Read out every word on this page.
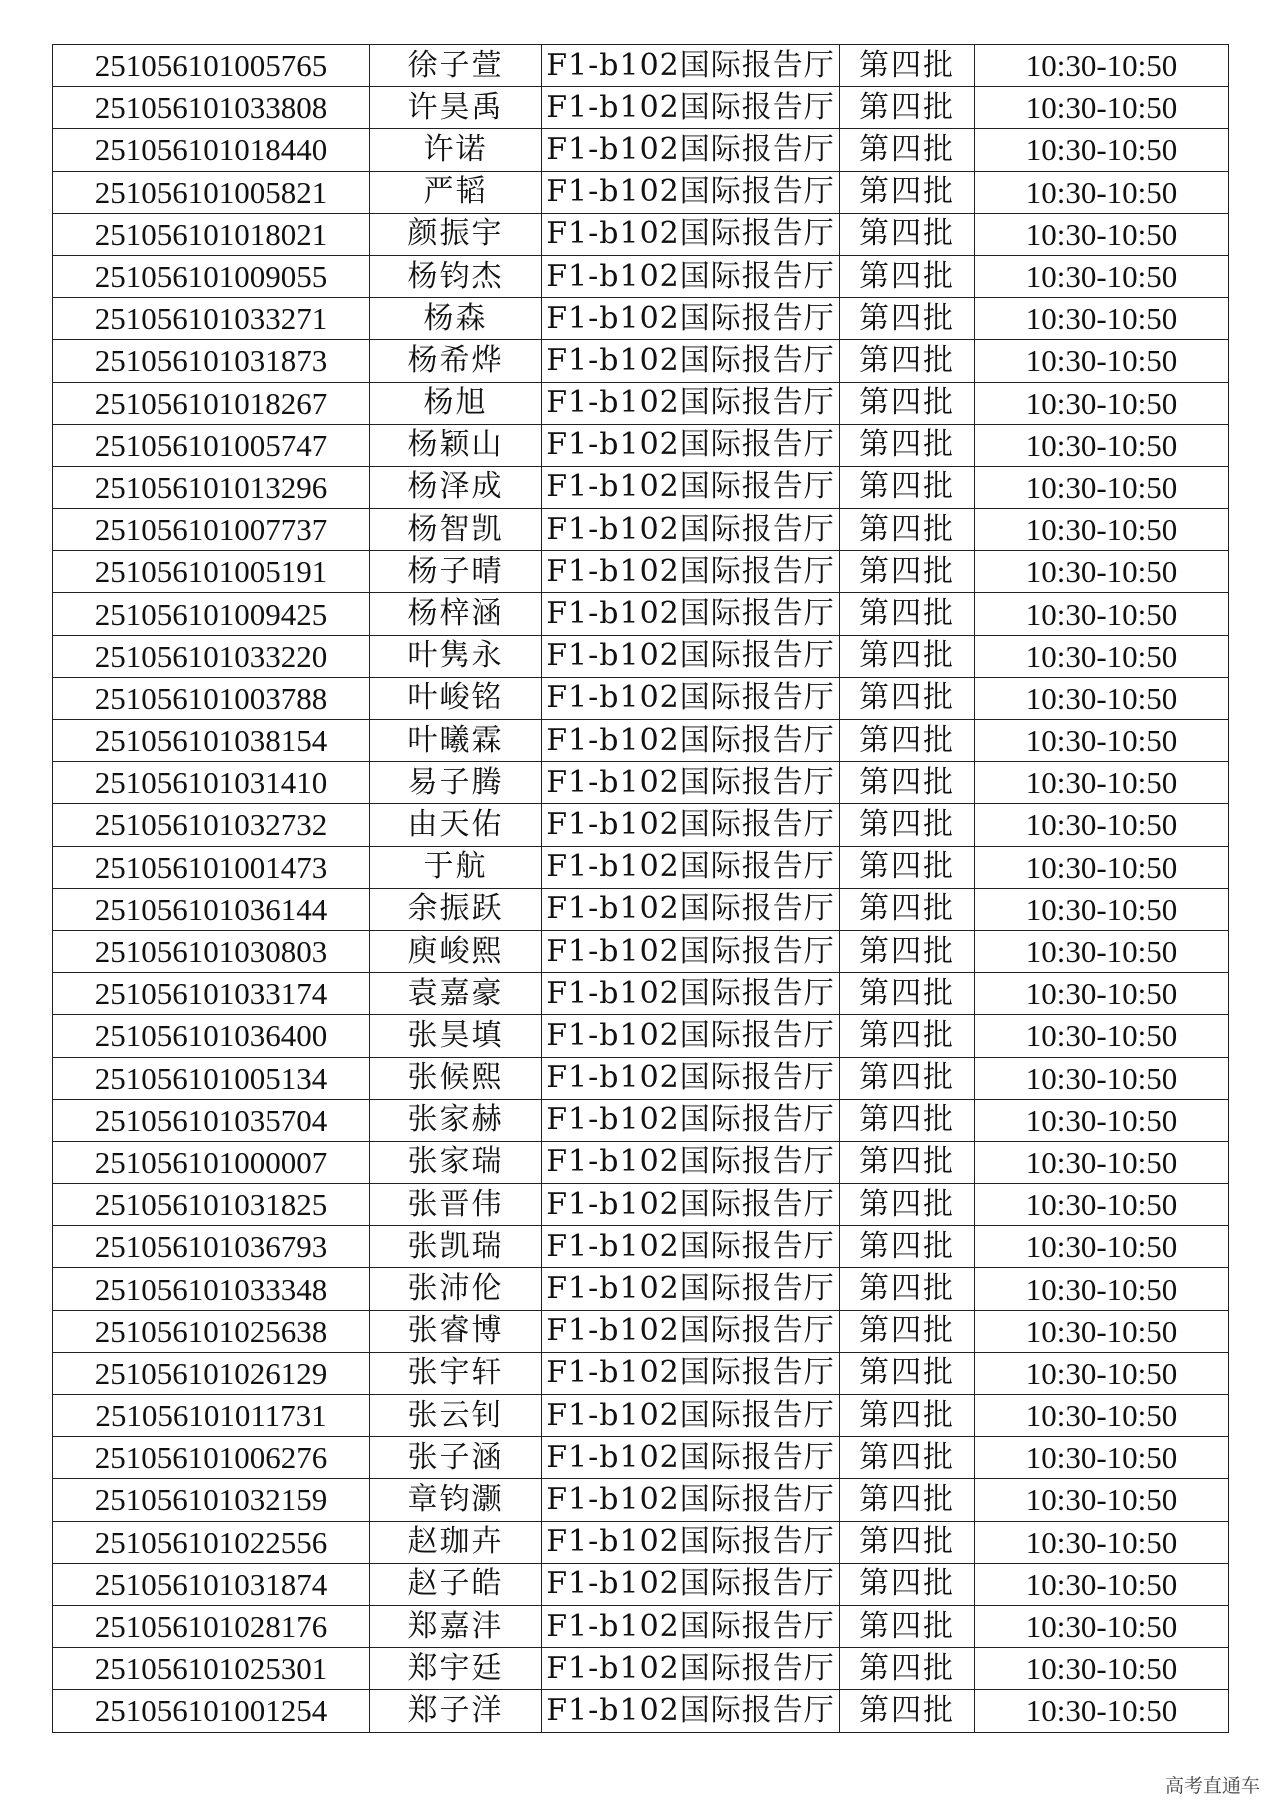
251056101005765	徐子萱	F1-b102国际报告厅	第四批	10:30-10:50
251056101033808	许昊禹	F1-b102国际报告厅	第四批	10:30-10:50
251056101018440	许诺	F1-b102国际报告厅	第四批	10:30-10:50
251056101005821	严韬	F1-b102国际报告厅	第四批	10:30-10:50
251056101018021	颜振宇	F1-b102国际报告厅	第四批	10:30-10:50
251056101009055	杨钧杰	F1-b102国际报告厅	第四批	10:30-10:50
251056101033271	杨森	F1-b102国际报告厅	第四批	10:30-10:50
251056101031873	杨希烨	F1-b102国际报告厅	第四批	10:30-10:50
251056101018267	杨旭	F1-b102国际报告厅	第四批	10:30-10:50
251056101005747	杨颖山	F1-b102国际报告厅	第四批	10:30-10:50
251056101013296	杨泽成	F1-b102国际报告厅	第四批	10:30-10:50
251056101007737	杨智凯	F1-b102国际报告厅	第四批	10:30-10:50
251056101005191	杨子晴	F1-b102国际报告厅	第四批	10:30-10:50
251056101009425	杨梓涵	F1-b102国际报告厅	第四批	10:30-10:50
251056101033220	叶隽永	F1-b102国际报告厅	第四批	10:30-10:50
251056101003788	叶峻铭	F1-b102国际报告厅	第四批	10:30-10:50
251056101038154	叶曦霖	F1-b102国际报告厅	第四批	10:30-10:50
251056101031410	易子腾	F1-b102国际报告厅	第四批	10:30-10:50
251056101032732	由天佑	F1-b102国际报告厅	第四批	10:30-10:50
251056101001473	于航	F1-b102国际报告厅	第四批	10:30-10:50
251056101036144	余振跃	F1-b102国际报告厅	第四批	10:30-10:50
251056101030803	庾峻熙	F1-b102国际报告厅	第四批	10:30-10:50
251056101033174	袁嘉豪	F1-b102国际报告厅	第四批	10:30-10:50
251056101036400	张昊填	F1-b102国际报告厅	第四批	10:30-10:50
251056101005134	张候熙	F1-b102国际报告厅	第四批	10:30-10:50
251056101035704	张家赫	F1-b102国际报告厅	第四批	10:30-10:50
251056101000007	张家瑞	F1-b102国际报告厅	第四批	10:30-10:50
251056101031825	张晋伟	F1-b102国际报告厅	第四批	10:30-10:50
251056101036793	张凯瑞	F1-b102国际报告厅	第四批	10:30-10:50
251056101033348	张沛伦	F1-b102国际报告厅	第四批	10:30-10:50
251056101025638	张睿博	F1-b102国际报告厅	第四批	10:30-10:50
251056101026129	张宇轩	F1-b102国际报告厅	第四批	10:30-10:50
251056101011731	张云钊	F1-b102国际报告厅	第四批	10:30-10:50
251056101006276	张子涵	F1-b102国际报告厅	第四批	10:30-10:50
251056101032159	章钧灏	F1-b102国际报告厅	第四批	10:30-10:50
251056101022556	赵珈卉	F1-b102国际报告厅	第四批	10:30-10:50
251056101031874	赵子皓	F1-b102国际报告厅	第四批	10:30-10:50
251056101028176	郑嘉沣	F1-b102国际报告厅	第四批	10:30-10:50
251056101025301	郑宇廷	F1-b102国际报告厅	第四批	10:30-10:50
251056101001254	郑子洋	F1-b102国际报告厅	第四批	10:30-10:50
高考直通车
